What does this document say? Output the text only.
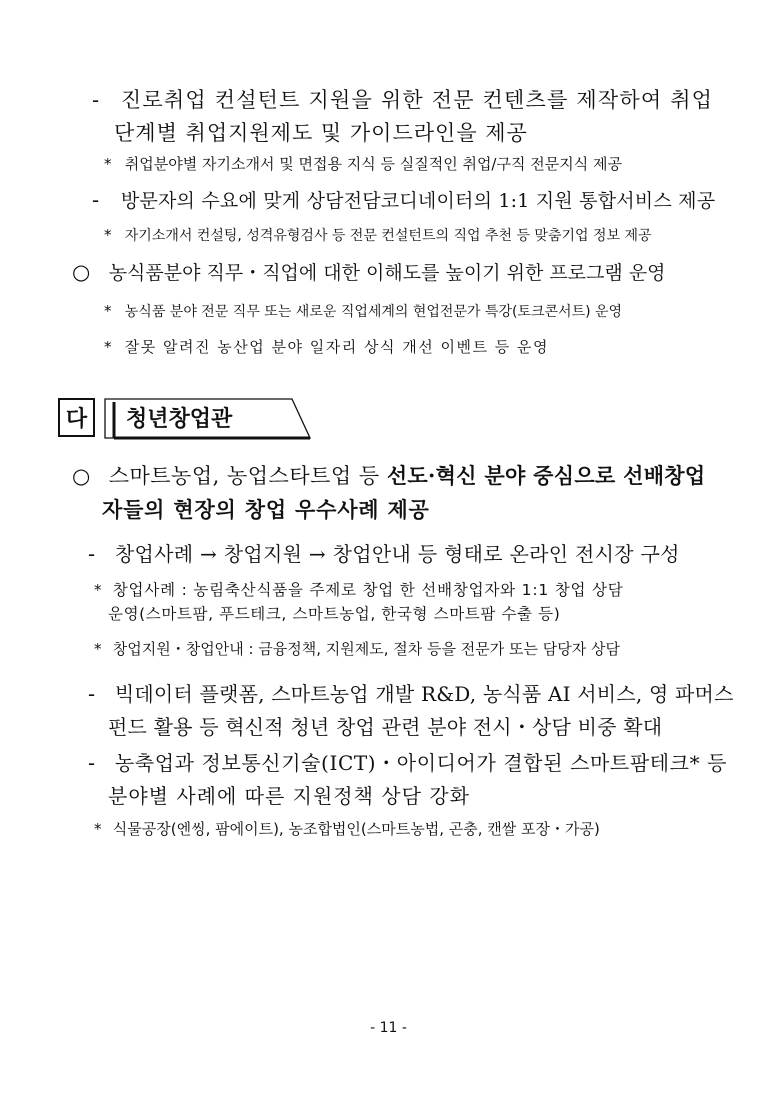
- 진로취업 컨설턴트 지원을 위한 전문 컨텐츠를 제작하여 취업
단계별 취업지원제도 및 가이드라인을 제공
* 취업분야별 자기소개서 및 면접용 지식 등 실질적인 취업/구직 전문지식 제공
- 방문자의 수요에 맞게 상담전담코디네이터의 1:1 지원 통합서비스 제공
* 자기소개서 컨설팅, 성격유형검사 등 전문 컨설턴트의 직업 추천 등 맞춤기업 정보 제공
○ 농식품분야 직무・직업에 대한 이해도를 높이기 위한 프로그램 운영
* 농식품 분야 전문 직무 또는 새로운 직업세계의 현업전문가 특강(토크콘서트) 운영
* 잘못 알려진 농산업 분야 일자리 상식 개선 이벤트 등 운영
다 청년창업관
○ 스마트농업, 농업스타트업 등 선도·혁신 분야 중심으로 선배창업
자들의 현장의 창업 우수사례 제공
- 창업사례 → 창업지원 → 창업안내 등 형태로 온라인 전시장 구성
* 창업사례 : 농림축산식품을 주제로 창업 한 선배창업자와 1:1 창업 상담
운영(스마트팜, 푸드테크, 스마트농업, 한국형 스마트팜 수출 등)
* 창업지원・창업안내 : 금융정책, 지원제도, 절차 등을 전문가 또는 담당자 상담
- 빅데이터 플랫폼, 스마트농업 개발 R&D, 농식품 AI 서비스, 영 파머스
펀드 활용 등 혁신적 청년 창업 관련 분야 전시・상담 비중 확대
- 농축업과 정보통신기술(ICT)・아이디어가 결합된 스마트팜테크* 등
분야별 사례에 따른 지원정책 상담 강화
* 식물공장(엔씽, 팜에이트), 농조합법인(스마트농법, 곤충, 캔쌀 포장・가공)
- 11 -
